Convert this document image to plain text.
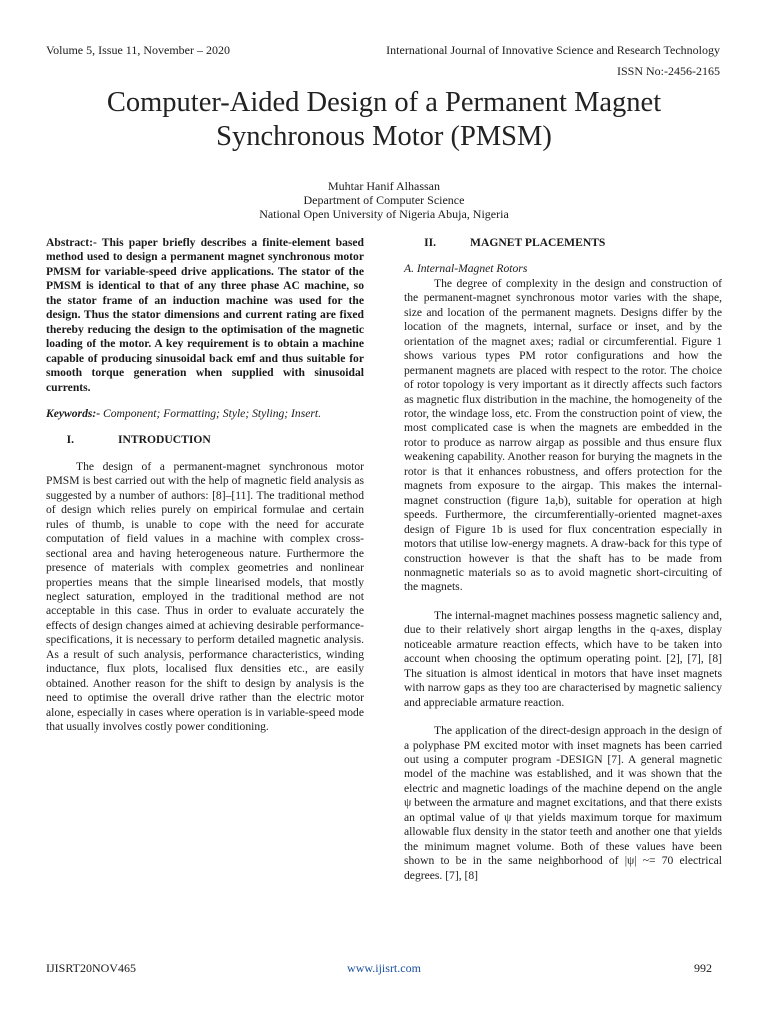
Volume 5, Issue 11, November – 2020	International Journal of Innovative Science and Research Technology
ISSN No:-2456-2165
Computer-Aided Design of a Permanent Magnet Synchronous Motor (PMSM)
Muhtar Hanif Alhassan
Department of Computer Science
National Open University of Nigeria Abuja, Nigeria

Abstract:- This paper briefly describes a finite-element based method used to design a permanent magnet synchronous motor PMSM for variable-speed drive applications. The stator of the PMSM is identical to that of any three phase AC machine, so the stator frame of an induction machine was used for the design. Thus the stator dimensions and current rating are fixed thereby reducing the design to the optimisation of the magnetic loading of the motor. A key requirement is to obtain a machine capable of producing sinusoidal back emf and thus suitable for smooth torque generation when supplied with sinusoidal currents.

Keywords:- Component; Formatting; Style; Styling; Insert.

I.	INTRODUCTION

The design of a permanent-magnet synchronous motor PMSM is best carried out with the help of magnetic field analysis as suggested by a number of authors: [8]–[11]. The traditional method of design which relies purely on empirical formulae and certain rules of thumb, is unable to cope with the need for accurate computation of field values in a machine with complex cross-sectional area and having heterogeneous nature. Furthermore the presence of materials with complex geometries and nonlinear properties means that the simple linearised models, that mostly neglect saturation, employed in the traditional method are not acceptable in this case. Thus in order to evaluate accurately the effects of design changes aimed at achieving desirable performance-specifications, it is necessary to perform detailed magnetic analysis. As a result of such analysis, performance characteristics, winding inductance, flux plots, localised flux densities etc., are easily obtained. Another reason for the shift to design by analysis is the need to optimise the overall drive rather than the electric motor alone, especially in cases where operation is in variable-speed mode that usually involves costly power conditioning.

II.	MAGNET PLACEMENTS

A. Internal-Magnet Rotors

The degree of complexity in the design and construction of the permanent-magnet synchronous motor varies with the shape, size and location of the permanent magnets. Designs differ by the location of the magnets, internal, surface or inset, and by the orientation of the magnet axes; radial or circumferential. Figure 1 shows various types PM rotor configurations and how the permanent magnets are placed with respect to the rotor. The choice of rotor topology is very important as it directly affects such factors as magnetic flux distribution in the machine, the homogeneity of the rotor, the windage loss, etc. From the construction point of view, the most complicated case is when the magnets are embedded in the rotor to produce as narrow airgap as possible and thus ensure flux weakening capability. Another reason for burying the magnets in the rotor is that it enhances robustness, and offers protection for the magnets from exposure to the airgap. This makes the internal-magnet construction (figure 1a,b), suitable for operation at high speeds. Furthermore, the circumferentially-oriented magnet-axes design of Figure 1b is used for flux concentration especially in motors that utilise low-energy magnets. A draw-back for this type of construction however is that the shaft has to be made from nonmagnetic materials so as to avoid magnetic short-circuiting of the magnets.

The internal-magnet machines possess magnetic saliency and, due to their relatively short airgap lengths in the q-axes, display noticeable armature reaction effects, which have to be taken into account when choosing the optimum operating point. [2], [7], [8] The situation is almost identical in motors that have inset magnets with narrow gaps as they too are characterised by magnetic saliency and appreciable armature reaction.

The application of the direct-design approach in the design of a polyphase PM excited motor with inset magnets has been carried out using a computer program -DESIGN [7]. A general magnetic model of the machine was established, and it was shown that the electric and magnetic loadings of the machine depend on the angle ψ between the armature and magnet excitations, and that there exists an optimal value of ψ that yields maximum torque for maximum allowable flux density in the stator teeth and another one that yields the minimum magnet volume. Both of these values have been shown to be in the same neighborhood of |ψ| ~= 70 electrical degrees. [7], [8]

IJISRT20NOV465	www.ijisrt.com	992
